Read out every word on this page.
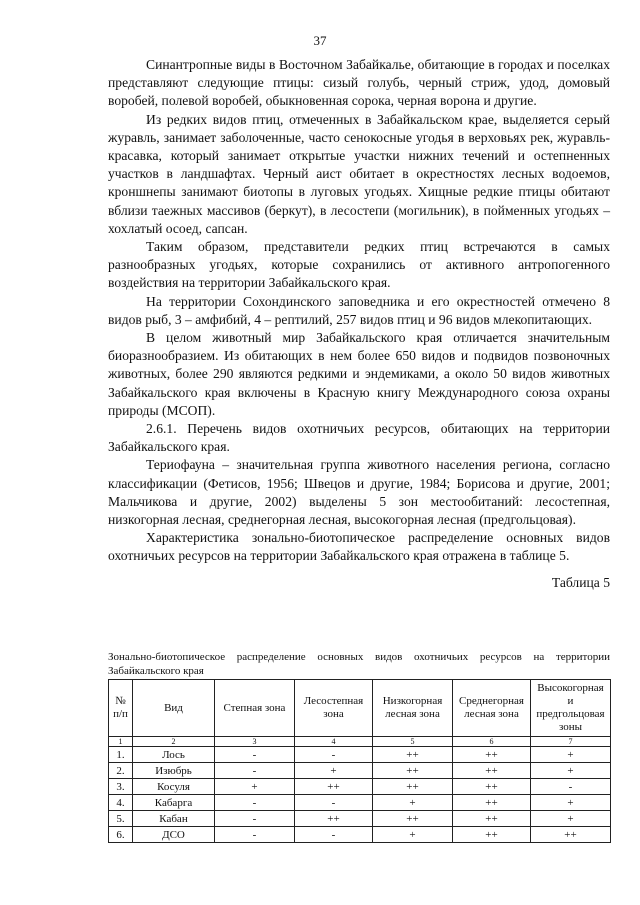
37

Синантропные виды в Восточном Забайкалье, обитающие в городах и поселках представляют следующие птицы: сизый голубь, черный стриж, удод, домовый воробей, полевой воробей, обыкновенная сорока, черная ворона и другие.

Из редких видов птиц, отмеченных в Забайкальском крае, выделяется серый журавль, занимает заболоченные, часто сенокосные угодья в верховьях рек, журавль-красавка, который занимает открытые участки нижних течений и остепненных участков в ландшафтах. Черный аист обитает в окрестностях лесных водоемов, кроншнепы занимают биотопы в луговых угодьях. Хищные редкие птицы обитают вблизи таежных массивов (беркут), в лесостепи (могильник), в пойменных угодьях – хохлатый осоед, сапсан.

Таким образом, представители редких птиц встречаются в самых разнообразных угодьях, которые сохранились от активного антропогенного воздействия на территории Забайкальского края.

На территории Сохондинского заповедника и его окрестностей отмечено 8 видов рыб, 3 – амфибий, 4 – рептилий, 257 видов птиц и 96 видов млекопитающих.

В целом животный мир Забайкальского края отличается значительным биоразнообразием. Из обитающих в нем более 650 видов и подвидов позвоночных животных, более 290 являются редкими и эндемиками, а около 50 видов животных Забайкальского края включены в Красную книгу Международного союза охраны природы (МСОП).

2.6.1. Перечень видов охотничьих ресурсов, обитающих на территории Забайкальского края.

Териофауна – значительная группа животного населения региона, согласно классификации (Фетисов, 1956; Швецов и другие, 1984; Борисова и другие, 2001; Мальчикова и другие, 2002) выделены 5 зон местообитаний: лесостепная, низкогорная лесная, среднегорная лесная, высокогорная лесная (предгольцовая).

Характеристика зонально-биотопическое распределение основных видов охотничьих ресурсов на территории Забайкальского края отражена в таблице 5.

Таблица 5
Зонально-биотопическое распределение основных видов охотничьих ресурсов на территории Забайкальского края
№ п/п	Вид	Степная зона	Лесостепная зона	Низкогорная лесная зона	Среднегорная лесная зона	Высокогорная и предгольцовая зоны
1	2	3	4	5	6	7
1.	Лось	-	-	++	++	+
2.	Изюбрь	-	+	++	++	+
3.	Косуля	+	++	++	++	-
4.	Кабарга	-	-	+	++	+
5.	Кабан	-	++	++	++	+
6.	ДСО	-	-	+	++	++
